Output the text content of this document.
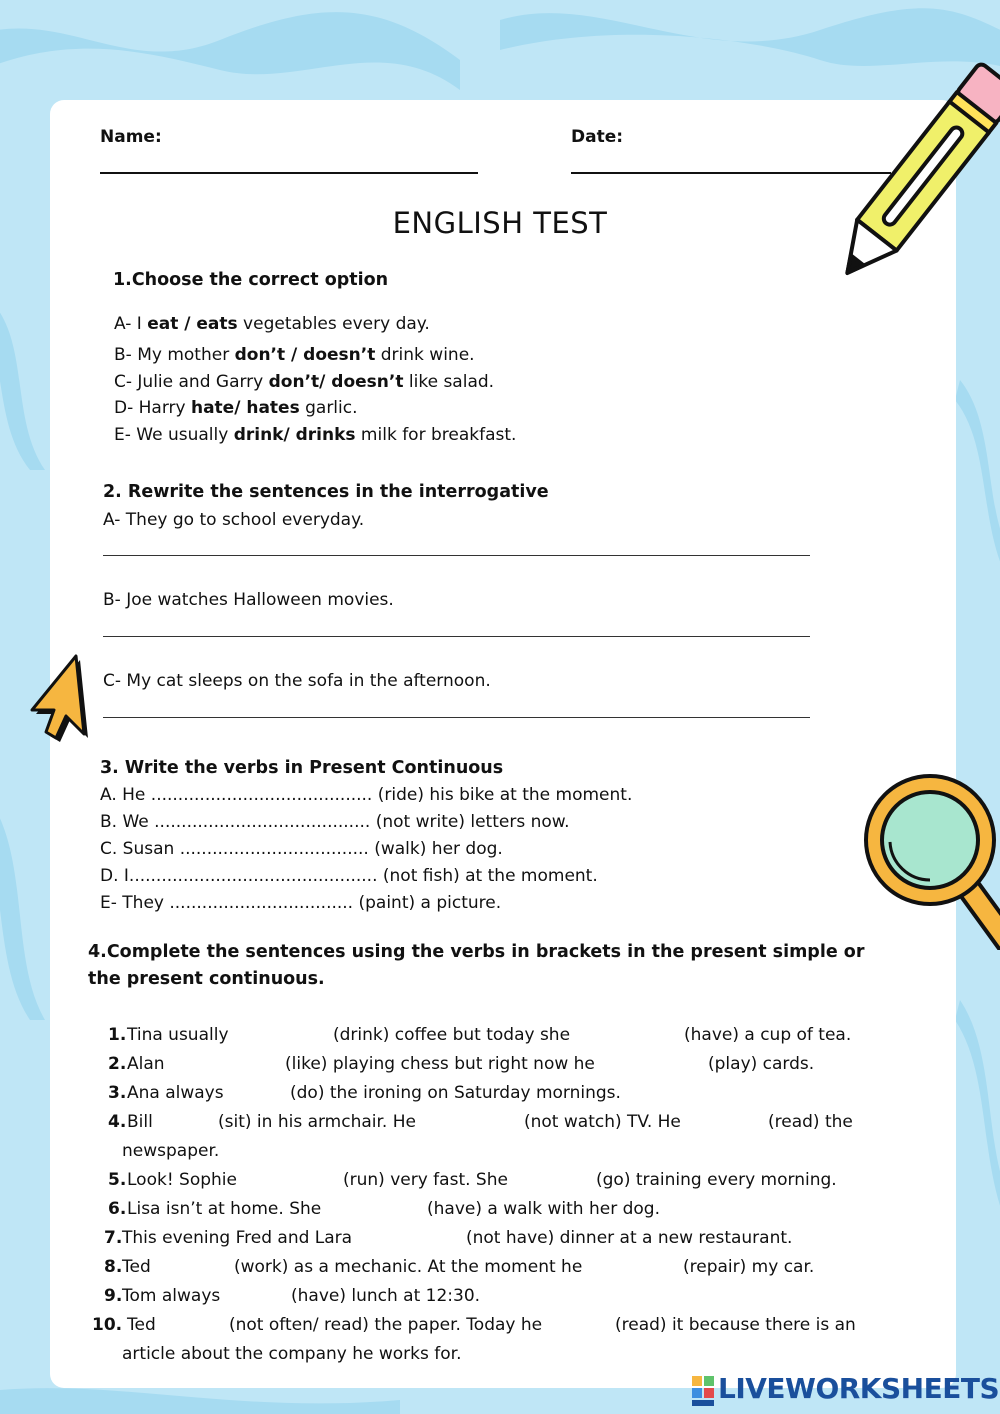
Name:	Date:
ENGLISH TEST
1.Choose the correct option
A- I eat / eats vegetables every day.
B- My mother don’t / doesn’t drink wine.
C- Julie and Garry don’t/ doesn’t like salad.
D- Harry hate/ hates garlic.
E- We usually drink/ drinks milk for breakfast.
2. Rewrite the sentences in the interrogative
A- They go to school everyday.
B- Joe watches Halloween movies.
C- My cat sleeps on the sofa in the afternoon.
3. Write the verbs in Present Continuous
A. He ......................................... (ride) his bike at the moment.
B. We ........................................ (not write) letters now.
C. Susan ................................... (walk) her dog.
D. I.............................................. (not fish) at the moment.
E- They .................................. (paint) a picture.
4.Complete the sentences using the verbs in brackets in the present simple or
the present continuous.
1. Tina usually	(drink) coffee but today she	(have) a cup of tea.
2. Alan	(like) playing chess but right now he	(play) cards.
3. Ana always	(do) the ironing on Saturday mornings.
4. Bill	(sit) in his armchair. He	(not watch) TV. He	(read) the
newspaper.
5. Look! Sophie	(run) very fast. She	(go) training every morning.
6. Lisa isn’t at home. She	(have) a walk with her dog.
7. This evening Fred and Lara	(not have) dinner at a new restaurant.
8. Ted	(work) as a mechanic. At the moment he	(repair) my car.
9. Tom always	(have) lunch at 12:30.
10. Ted	(not often/ read) the paper. Today he	(read) it because there is an
article about the company he works for.
LIVEWORKSHEETS
